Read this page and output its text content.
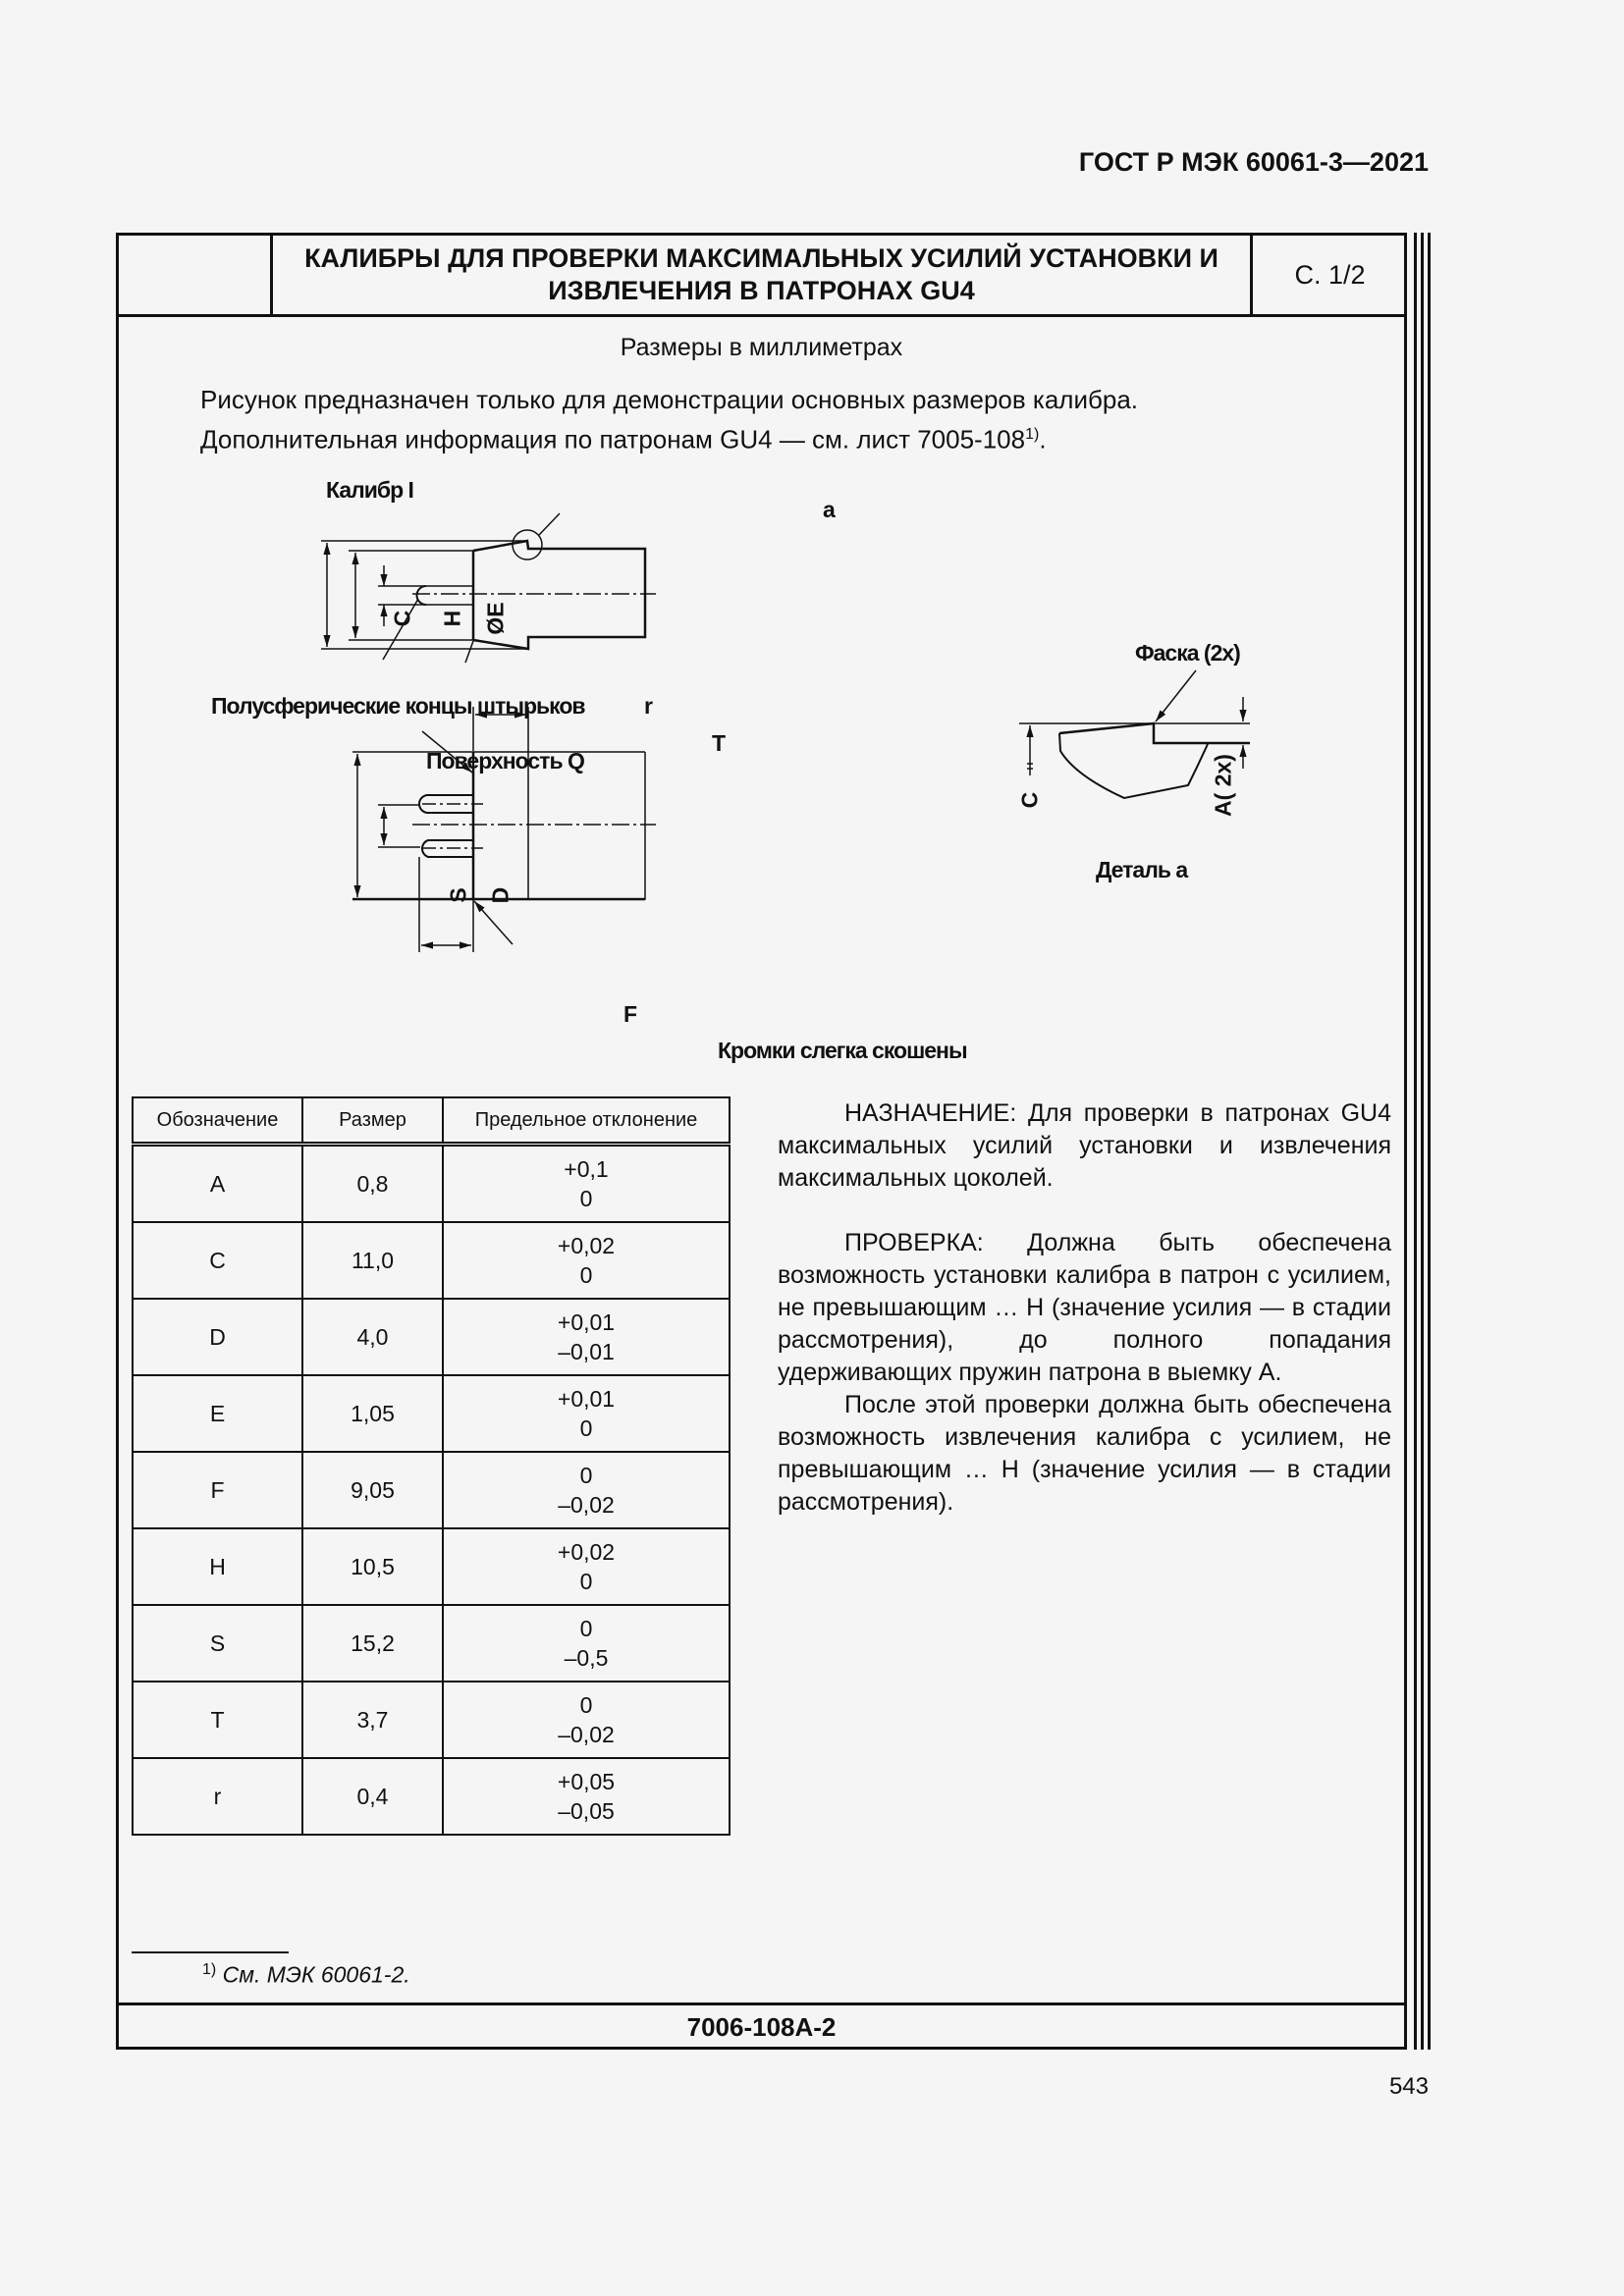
ГОСТ Р МЭК 60061-3—2021
КАЛИБРЫ ДЛЯ ПРОВЕРКИ МАКСИМАЛЬНЫХ УСИЛИЙ УСТАНОВКИ И ИЗВЛЕЧЕНИЯ В ПАТРОНАХ GU4
С. 1/2
Размеры в миллиметрах
Рисунок предназначен только для демонстрации основных размеров калибра.
Дополнительная информация по патронам GU4 — см. лист 7005-108$^{1)}$.
Калибр I
a
C H ØE
Полусферические концы штырьков	r
Поверхность Q
T
S D
F
Кромки слегка скошены
Фаска (2x)
C	A( 2x)
Деталь a
Обозначение	Размер	Предельное отклонение
A	0,8	+0,1
0

C	11,0	+0,02
0

D	4,0	+0,01
–0,01

E	1,05	+0,01
0

F	9,05	0
–0,02

H	10,5	+0,02
0

S	15,2	0
–0,5

T	3,7	0
–0,02

r	0,4	+0,05
–0,05

НАЗНАЧЕНИЕ: Для проверки в патронах GU4 максимальных усилий установки и извлечения максимальных цоколей.

ПРОВЕРКА: Должна быть обеспечена возможность установки калибра в патрон с усилием, не превышающим … Н (значение усилия — в стадии рассмотрения), до полного попадания удерживающих пружин патрона в выемку А.

После этой проверки должна быть обеспечена возможность извлечения калибра с усилием, не превышающим … Н (значение усилия — в стадии рассмотрения).

$^{1)}$ См. МЭК 60061-2.
7006-108A-2
543
